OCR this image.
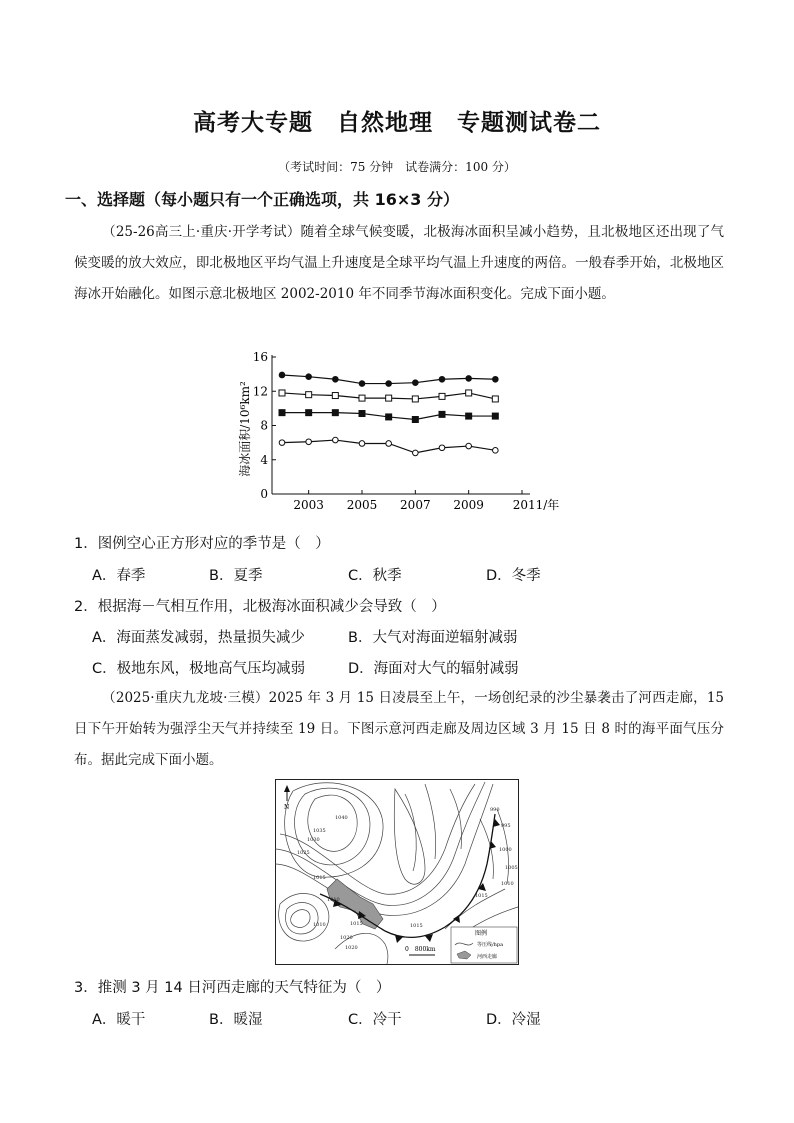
高考大专题　自然地理　专题测试卷二
（考试时间：75 分钟　试卷满分：100 分）
一、选择题（每小题只有一个正确选项，共 16×3 分）
（25-26高三上·重庆·开学考试）随着全球气候变暖，北极海冰面积呈减小趋势，且北极地区还出现了气候变暖的放大效应，即北极地区平均气温上升速度是全球平均气温上升速度的两倍。一般春季开始，北极地区海冰开始融化。如图示意北极地区 2002-2010 年不同季节海冰面积变化。完成下面小题。
0
4
8
12
16
2003 2005 2007 2009 2011/年
海冰面积/10⁶km²
1．图例空心正方形对应的季节是（　）
A．春季	B．夏季	C．秋季	D．冬季
2．根据海－气相互作用，北极海冰面积减少会导致（　）
A．海面蒸发减弱，热量损失减少	B．大气对海面逆辐射减弱
C．极地东风，极地高气压均减弱	D．海面对大气的辐射减弱
（2025·重庆九龙坡·三模）2025 年 3 月 15 日凌晨至上午，一场创纪录的沙尘暴袭击了河西走廊，15 日下午开始转为强浮尘天气并持续至 19 日。下图示意河西走廊及周边区域 3 月 15 日 8 时的海平面气压分布。据此完成下面小题。
N
1040
1035
1030
1025
1015
1010
1015
1020
1010
1020
1015
990
995
1000
1005
1010
1015
0　800km
图例
等压线/hpa
河西走廊
3．推测 3 月 14 日河西走廊的天气特征为（　）
A．暖干	B．暖湿	C．冷干	D．冷湿
